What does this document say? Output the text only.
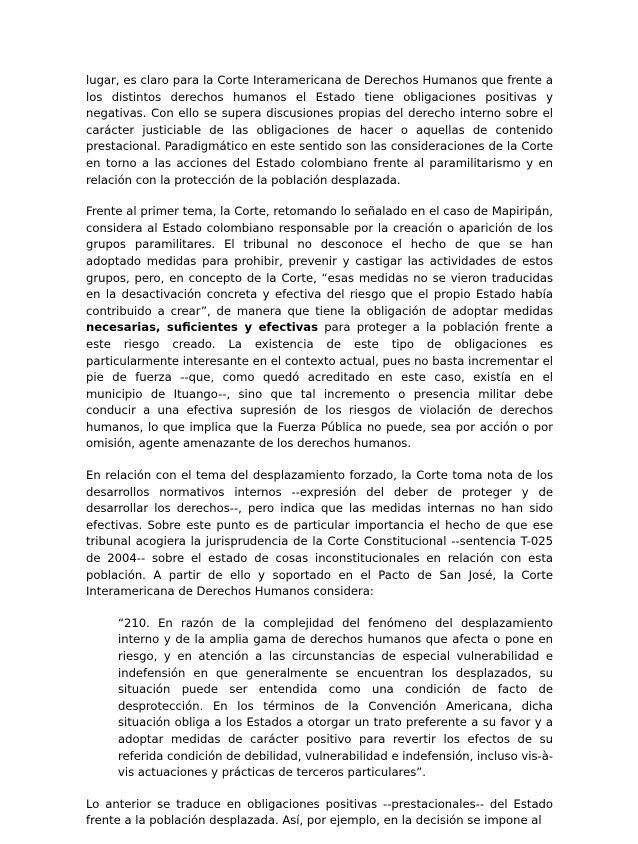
lugar, es claro para la Corte Interamericana de Derechos Humanos que frente a los distintos derechos humanos el Estado tiene obligaciones positivas y negativas. Con ello se supera discusiones propias del derecho interno sobre el carácter justiciable de las obligaciones de hacer o aquellas de contenido prestacional. Paradigmático en este sentido son las consideraciones de la Corte en torno a las acciones del Estado colombiano frente al paramilitarismo y en relación con la protección de la población desplazada.

Frente al primer tema, la Corte, retomando lo señalado en el caso de Mapiripán, considera al Estado colombiano responsable por la creación o aparición de los grupos paramilitares. El tribunal no desconoce el hecho de que se han adoptado medidas para prohibir, prevenir y castigar las actividades de estos grupos, pero, en concepto de la Corte, “esas medidas no se vieron traducidas en la desactivación concreta y efectiva del riesgo que el propio Estado había contribuido a crear”, de manera que tiene la obligación de adoptar medidas necesarias, suficientes y efectivas para proteger a la población frente a este riesgo creado. La existencia de este tipo de obligaciones es particularmente interesante en el contexto actual, pues no basta incrementar el pie de fuerza --que, como quedó acreditado en este caso, existía en el municipio de Ituango--, sino que tal incremento o presencia militar debe conducir a una efectiva supresión de los riesgos de violación de derechos humanos, lo que implica que la Fuerza Pública no puede, sea por acción o por omisión, agente amenazante de los derechos humanos.

En relación con el tema del desplazamiento forzado, la Corte toma nota de los desarrollos normativos internos --expresión del deber de proteger y de desarrollar los derechos--, pero indica que las medidas internas no han sido efectivas. Sobre este punto es de particular importancia el hecho de que ese tribunal acogiera la jurisprudencia de la Corte Constitucional --sentencia T-025 de 2004-- sobre el estado de cosas inconstitucionales en relación con esta población. A partir de ello y soportado en el Pacto de San José, la Corte Interamericana de Derechos Humanos considera:

“210. En razón de la complejidad del fenómeno del desplazamiento interno y de la amplia gama de derechos humanos que afecta o pone en riesgo, y en atención a las circunstancias de especial vulnerabilidad e indefensión en que generalmente se encuentran los desplazados, su situación puede ser entendida como una condición de facto de desprotección. En los términos de la Convención Americana, dicha situación obliga a los Estados a otorgar un trato preferente a su favor y a adoptar medidas de carácter positivo para revertir los efectos de su referida condición de debilidad, vulnerabilidad e indefensión, incluso vis-à-vis actuaciones y prácticas de terceros particulares”.

Lo anterior se traduce en obligaciones positivas --prestacionales-- del Estado frente a la población desplazada. Así, por ejemplo, en la decisión se impone al
